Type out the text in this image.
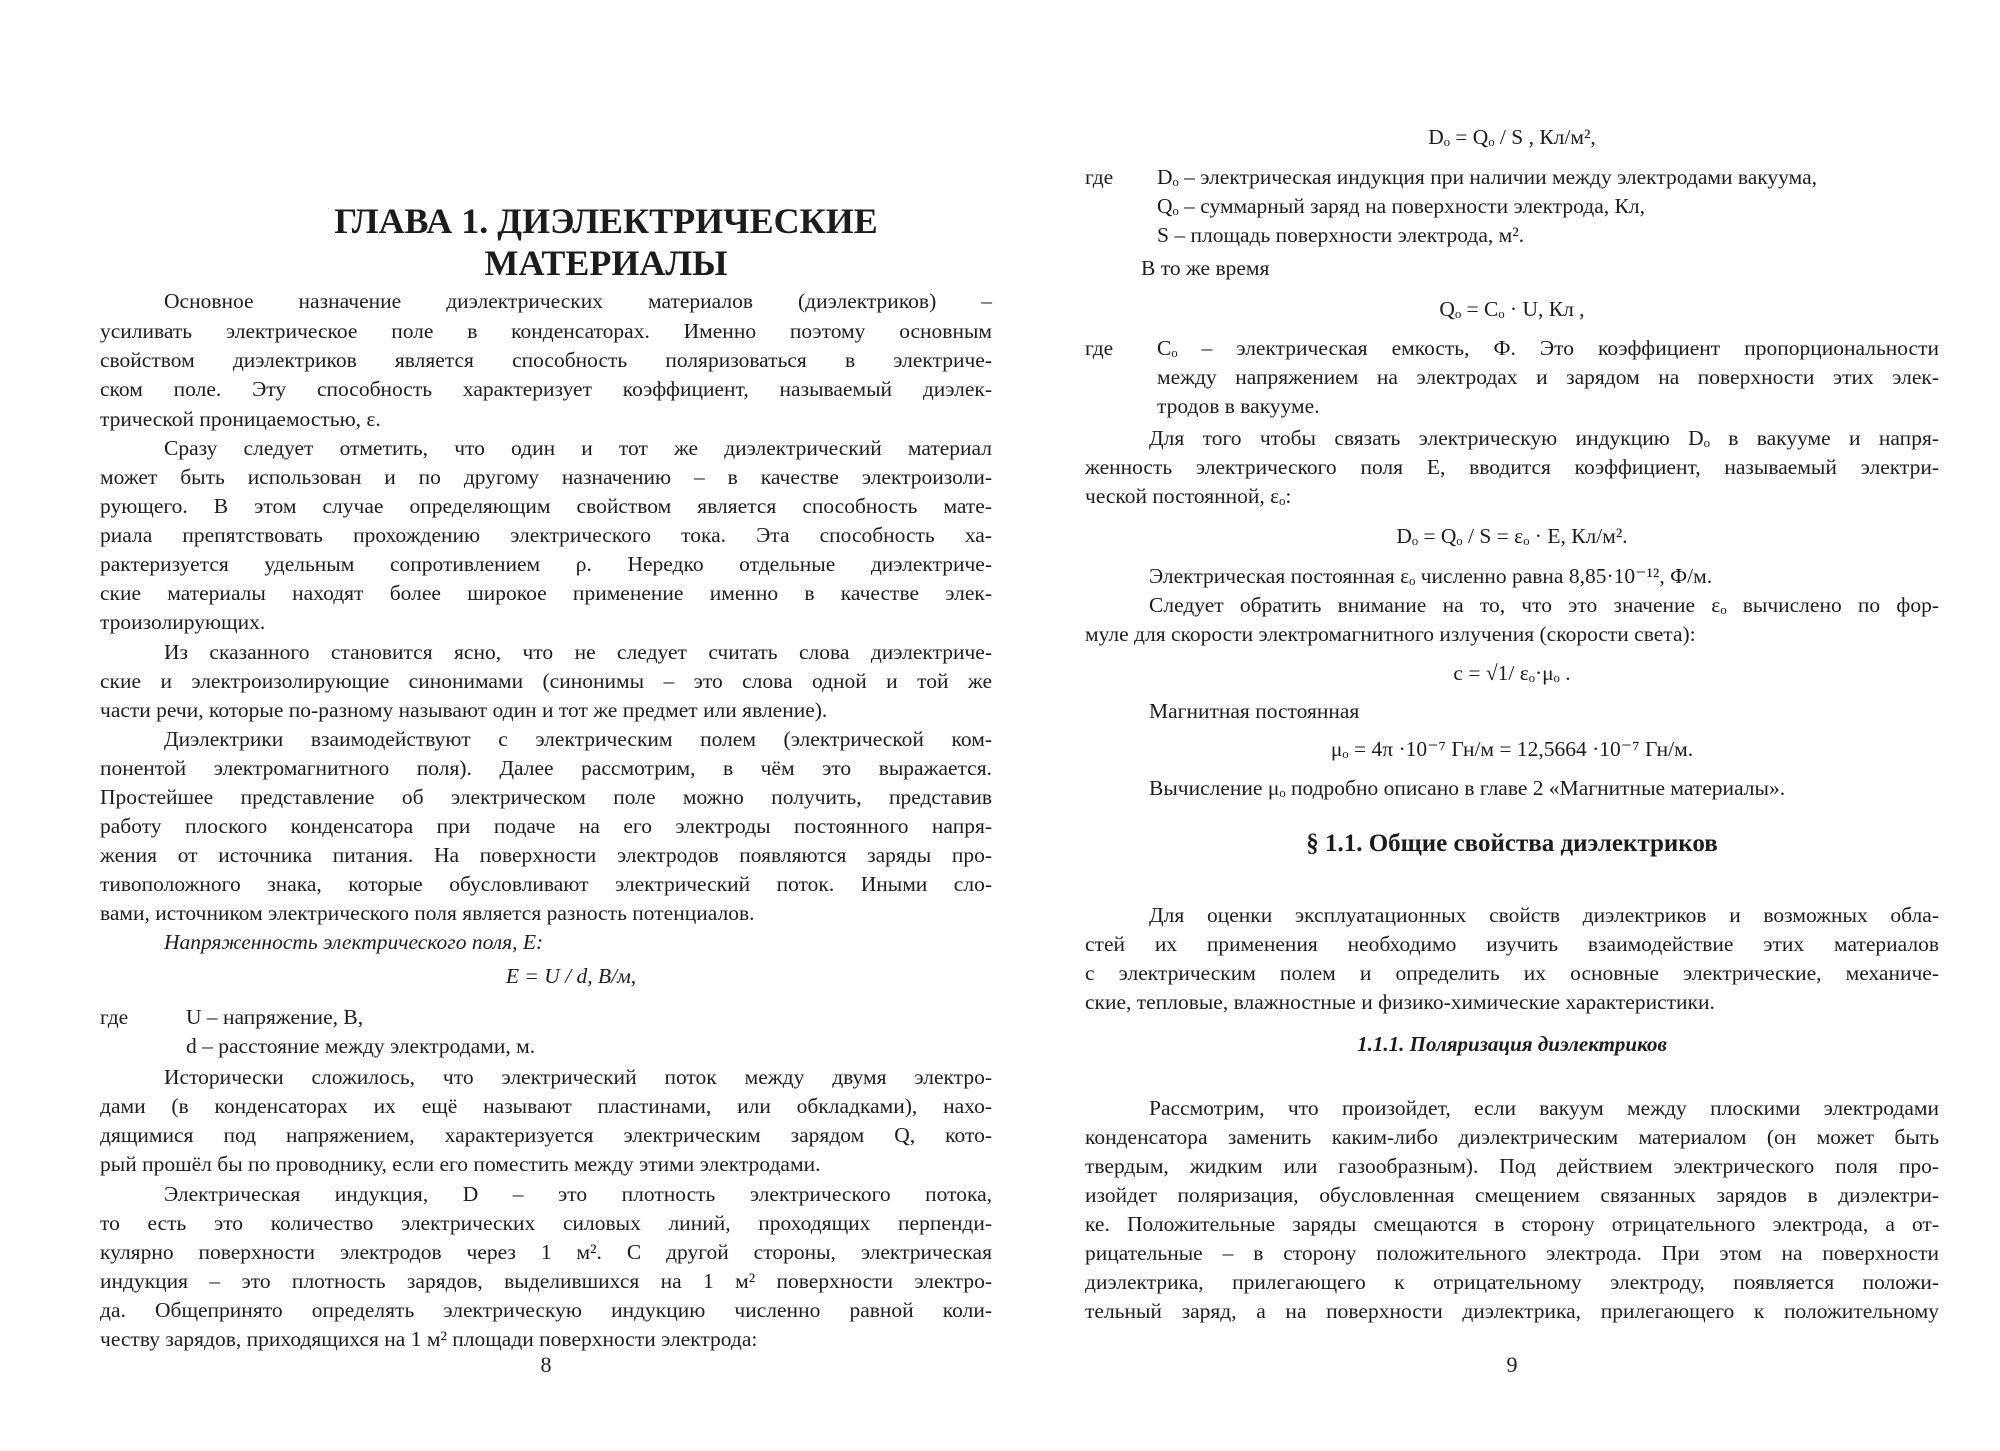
ГЛАВА 1. ДИЭЛЕКТРИЧЕСКИЕ МАТЕРИАЛЫ
Основное назначение диэлектрических материалов (диэлектриков) –
усиливать электрическое поле в конденсаторах. Именно поэтому основным
свойством диэлектриков является способность поляризоваться в электриче-
ском поле. Эту способность характеризует коэффициент, называемый диэлек-
трической проницаемостью, ε.
Сразу следует отметить, что один и тот же диэлектрический материал
может быть использован и по другому назначению – в качестве электроизоли-
рующего. В этом случае определяющим свойством является способность мате-
риала препятствовать прохождению электрического тока. Эта способность ха-
рактеризуется удельным сопротивлением ρ. Нередко отдельные диэлектриче-
ские материалы находят более широкое применение именно в качестве элек-
троизолирующих.
Из сказанного становится ясно, что не следует считать слова диэлектриче-
ские и электроизолирующие синонимами (синонимы – это слова одной и той же
части речи, которые по-разному называют один и тот же предмет или явление).
Диэлектрики взаимодействуют с электрическим полем (электрической ком-
понентой электромагнитного поля). Далее рассмотрим, в чём это выражается.
Простейшее представление об электрическом поле можно получить, представив
работу плоского конденсатора при подаче на его электроды постоянного напря-
жения от источника питания. На поверхности электродов появляются заряды про-
тивоположного знака, которые обусловливают электрический поток. Иными сло-
вами, источником электрического поля является разность потенциалов.
Напряженность электрического поля, E:
E = U / d, В/м,
где	U – напряжение, В,
d – расстояние между электродами, м.
Исторически сложилось, что электрический поток между двумя электро-
дами (в конденсаторах их ещё называют пластинами, или обкладками), нахо-
дящимися под напряжением, характеризуется электрическим зарядом Q, кото-
рый прошёл бы по проводнику, если его поместить между этими электродами.
Электрическая индукция, D – это плотность электрического потока,
то есть это количество электрических силовых линий, проходящих перпенди-
кулярно поверхности электродов через 1 м². С другой стороны, электрическая
индукция – это плотность зарядов, выделившихся на 1 м² поверхности электро-
да. Общепринято определять электрическую индукцию численно равной коли-
честву зарядов, приходящихся на 1 м² площади поверхности электрода:
8
Dₒ = Qₒ / S , Кл/м²,
где	Dₒ – электрическая индукция при наличии между электродами вакуума,
Qₒ – суммарный заряд на поверхности электрода, Кл,
S – площадь поверхности электрода, м².
В то же время
Qₒ = Cₒ · U, Кл ,
где	Cₒ – электрическая емкость, Ф. Это коэффициент пропорциональности
между напряжением на электродах и зарядом на поверхности этих элек-
тродов в вакууме.
Для того чтобы связать электрическую индукцию Dₒ в вакууме и напря-
женность электрического поля E, вводится коэффициент, называемый электри-
ческой постоянной, εₒ:
Dₒ = Qₒ / S = εₒ · E, Кл/м².
Электрическая постоянная εₒ численно равна 8,85·10⁻¹², Ф/м.
Следует обратить внимание на то, что это значение εₒ вычислено по фор-
муле для скорости электромагнитного излучения (скорости света):
c = √1/ εₒ·μₒ .
Магнитная постоянная
μₒ = 4π ·10⁻⁷ Гн/м = 12,5664 ·10⁻⁷ Гн/м.
Вычисление μₒ подробно описано в главе 2 «Магнитные материалы».
§ 1.1. Общие свойства диэлектриков
Для оценки эксплуатационных свойств диэлектриков и возможных обла-
стей их применения необходимо изучить взаимодействие этих материалов
с электрическим полем и определить их основные электрические, механиче-
ские, тепловые, влажностные и физико-химические характеристики.
1.1.1. Поляризация диэлектриков
Рассмотрим, что произойдет, если вакуум между плоскими электродами
конденсатора заменить каким-либо диэлектрическим материалом (он может быть
твердым, жидким или газообразным). Под действием электрического поля про-
изойдет поляризация, обусловленная смещением связанных зарядов в диэлектри-
ке. Положительные заряды смещаются в сторону отрицательного электрода, а от-
рицательные – в сторону положительного электрода. При этом на поверхности
диэлектрика, прилегающего к отрицательному электроду, появляется положи-
тельный заряд, а на поверхности диэлектрика, прилегающего к положительному
9
